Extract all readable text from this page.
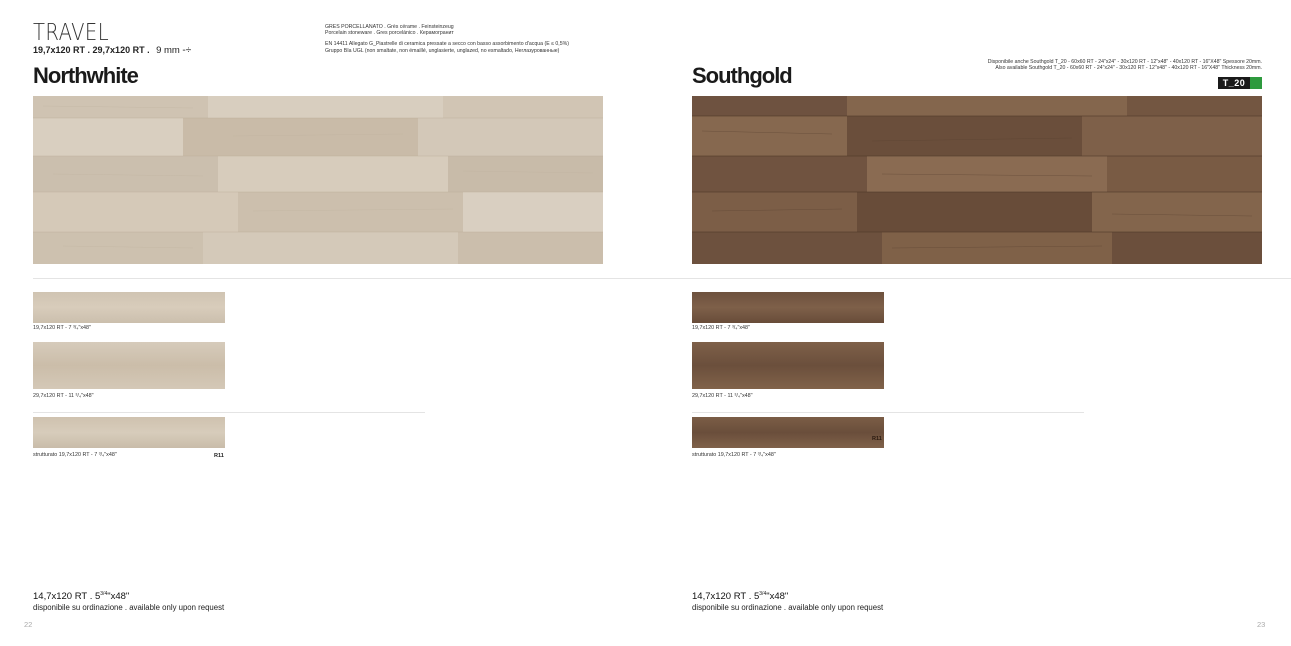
TRAVEL
19,7x120 RT . 29,7x120 RT . 9 mm -÷
GRES PORCELLANATO . Grès cérame . Feinsteinzeug
Porcelain stoneware . Gres porcelánico . Керамогранит
EN 14411 Allegato G_Piastrelle di ceramica pressate a secco con basso assorbimento d'acqua (E ≤ 0,5%)
Gruppo BIa UGL (non smaltate, non émaillé, unglasierte, unglazed, no esmaltado, Неглазурованные)
Northwhite	Southgold
Disponibile anche Southgold T_20 - 60x60 RT - 24"x24" - 30x120 RT - 12"x48" - 40x120 RT - 16"X48" Spessore 20mm.
Also available Southgold T_20 - 60x60 RT - 24"x24" - 30x120 RT - 12"x48" - 40x120 RT - 16"X48" Thickness 20mm.
T_20
19,7x120 RT - 7 ³/₄"x48"
29,7x120 RT - 11 ³/₄"x48"
strutturato 19,7x120 RT - 7 ³/₄"x48"	R11
19,7x120 RT - 7 ³/₄"x48"
29,7x120 RT - 11 ³/₄"x48"
R11
strutturato 19,7x120 RT - 7 ³/₄"x48"
14,7x120 RT . $5^{3/4}"x48$"
disponibile su ordinazione . available only upon request
14,7x120 RT . $5^{3/4}"x48$"
disponibile su ordinazione . available only upon request
22	23
